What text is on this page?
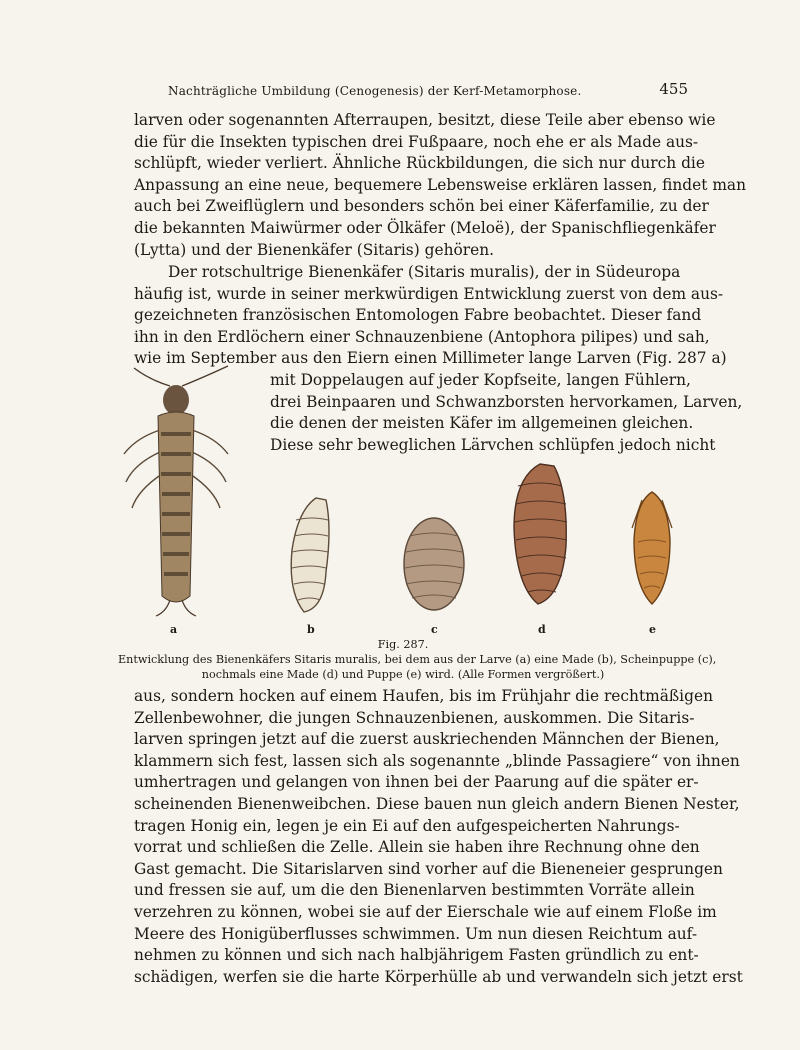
Nachträgliche Umbildung (Cenogenesis) der Kerf-Metamorphose.	455
larven oder sogenannten Afterraupen, besitzt, diese Teile aber ebenso wie
die für die Insekten typischen drei Fußpaare, noch ehe er als Made aus-
schlüpft, wieder verliert. Ähnliche Rückbildungen, die sich nur durch die
Anpassung an eine neue, bequemere Lebensweise erklären lassen, findet man
auch bei Zweiflüglern und besonders schön bei einer Käferfamilie, zu der
die bekannten Maiwürmer oder Ölkäfer (Meloë), der Spanischfliegenkäfer
(Lytta) und der Bienenkäfer (Sitaris) gehören.
Der rotschultrige Bienenkäfer (Sitaris muralis), der in Südeuropa
häufig ist, wurde in seiner merkwürdigen Entwicklung zuerst von dem aus-
gezeichneten französischen Entomologen Fabre beobachtet. Dieser fand
ihn in den Erdlöchern einer Schnauzenbiene (Antophora pilipes) und sah,
wie im September aus den Eiern einen Millimeter lange Larven (Fig. 287 a)
mit Doppelaugen auf jeder Kopfseite, langen Fühlern,
drei Beinpaaren und Schwanzborsten hervorkamen, Larven,
die denen der meisten Käfer im allgemeinen gleichen.
Diese sehr beweglichen Lärvchen schlüpfen jedoch nicht
a	b	c	d	e
Fig. 287.
Entwicklung des Bienenkäfers Sitaris muralis, bei dem aus der Larve (a) eine Made (b), Scheinpuppe (c),
nochmals eine Made (d) und Puppe (e) wird. (Alle Formen vergrößert.)
aus, sondern hocken auf einem Haufen, bis im Frühjahr die rechtmäßigen
Zellenbewohner, die jungen Schnauzenbienen, auskommen. Die Sitaris-
larven springen jetzt auf die zuerst auskriechenden Männchen der Bienen,
klammern sich fest, lassen sich als sogenannte „blinde Passagiere“ von ihnen
umhertragen und gelangen von ihnen bei der Paarung auf die später er-
scheinenden Bienenweibchen. Diese bauen nun gleich andern Bienen Nester,
tragen Honig ein, legen je ein Ei auf den aufgespeicherten Nahrungs-
vorrat und schließen die Zelle. Allein sie haben ihre Rechnung ohne den
Gast gemacht. Die Sitarislarven sind vorher auf die Bieneneier gesprungen
und fressen sie auf, um die den Bienenlarven bestimmten Vorräte allein
verzehren zu können, wobei sie auf der Eierschale wie auf einem Floße im
Meere des Honigüberflusses schwimmen. Um nun diesen Reichtum auf-
nehmen zu können und sich nach halbjährigem Fasten gründlich zu ent-
schädigen, werfen sie die harte Körperhülle ab und verwandeln sich jetzt erst
